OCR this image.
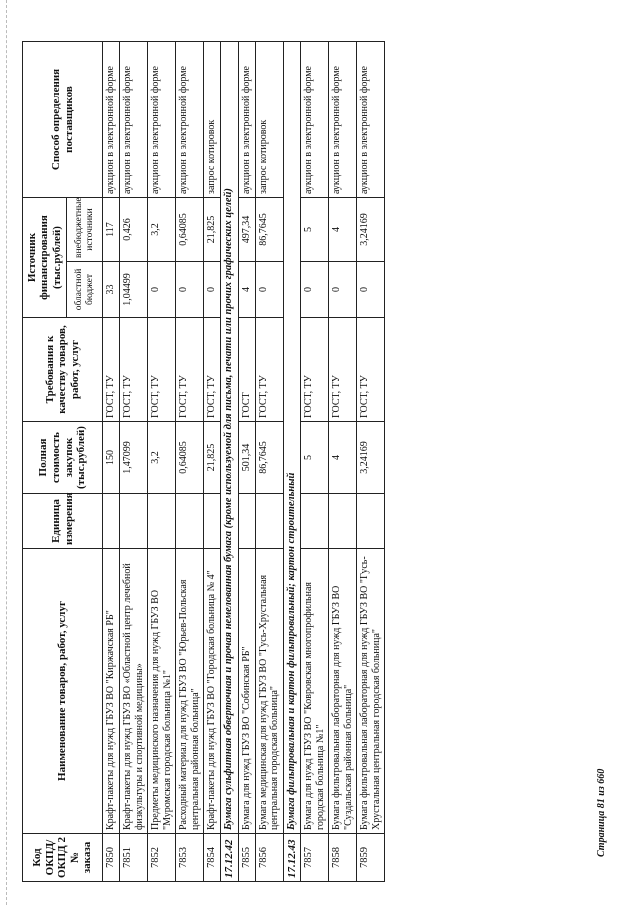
Код ОКПД/ ОКПД 2 № заказа	Наименование товаров, работ, услуг	Единица измерения	Полная стоимость закупок (тыс.рублей)	Требования к качеству товаров, работ, услуг	Источник финансирования (тыс.рублей)		Способ определения поставщиков
					областной бюджет	внебюджетные источники	
7850	Крафт-пакеты для нужд ГБУЗ ВО "Киржачская РБ"		150	ГОСТ, ТУ	33	117	аукцион в электронной форме
7851	Крафт-пакеты для нужд ГБУЗ ВО «Областной центр лечебной физкультуры и спортивной медицины»		1,47099	ГОСТ, ТУ	1,04499	0,426	аукцион в электронной форме
7852	Предметы медицинского назначения для нужд ГБУЗ ВО "Муромская городская больница №1"		3,2	ГОСТ, ТУ	0	3,2	аукцион в электронной форме
7853	Расходный материал для нужд ГБУЗ ВО "Юрьев-Польская центральная районная больница"		0,64085	ГОСТ, ТУ	0	0,64085	аукцион в электронной форме
7854	Крафт-пакеты для нужд ГБУЗ ВО "Городская больница № 4"		21,825	ГОСТ, ТУ	0	21,825	запрос котировок
17.12.42	Бумага сульфитная обверточная и прочая немелованная бумага (кроме используемой для письма, печати или прочих графических целей)						
7855	Бумага для нужд ГБУЗ ВО "Собинская РБ"		501,34	ГОСТ	4	497,34	аукцион в электронной форме
7856	Бумага медицинская для нужд ГБУЗ ВО "Гусь-Хрустальная центральная городская больница"		86,7645	ГОСТ, ТУ	0	86,7645	запрос котировок
17.12.43	Бумага фильтровальная и картон фильтровальный; картон строительный						
7857	Бумага для нужд ГБУЗ ВО "Ковровская многопрофильная городская больница №1"		5	ГОСТ, ТУ	0	5	аукцион в электронной форме
7858	Бумага фильтровальная лабораторная для нужд ГБУЗ ВО "Суздальская районная больница"		4	ГОСТ, ТУ	0	4	аукцион в электронной форме
7859	Бумага фильтровальная лабораторная для нужд ГБУЗ ВО "Гусь-Хрустальная центральная городская больница"		3,24169	ГОСТ, ТУ	0	3,24169	аукцион в электронной форме
Страница 81 из 660
